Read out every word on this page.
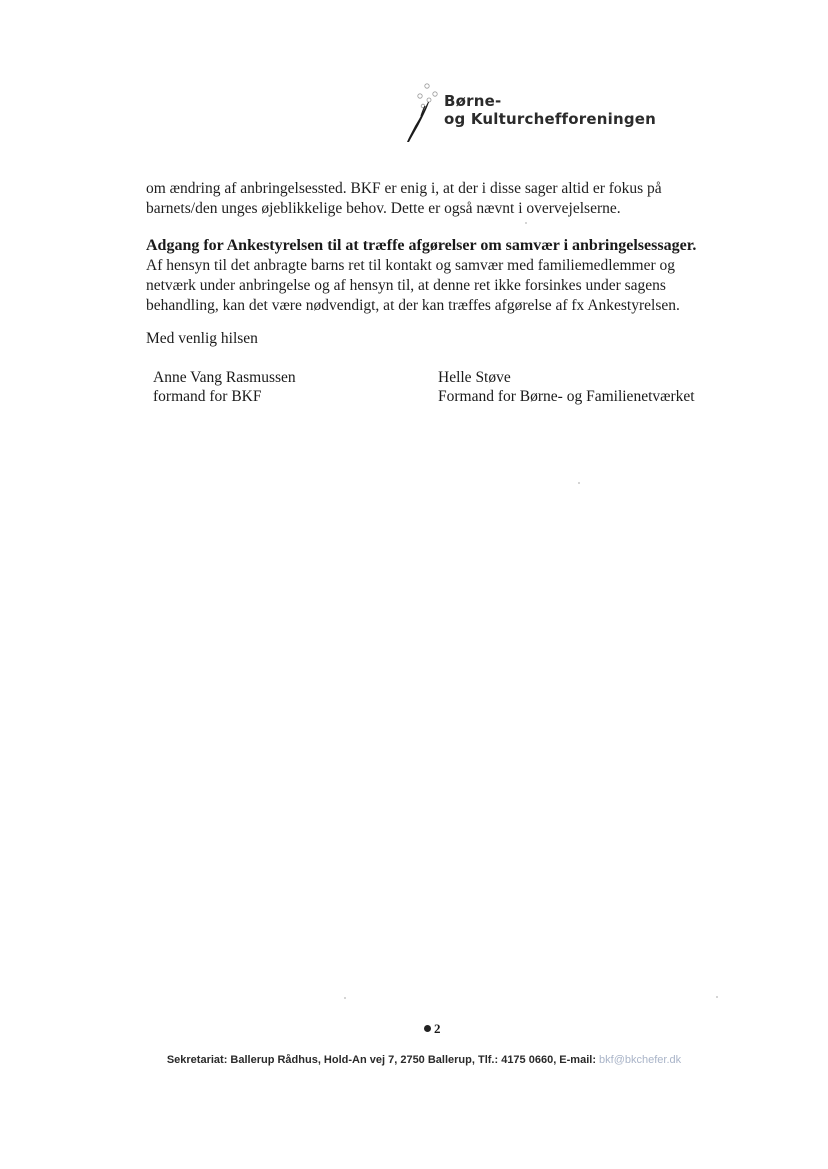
Børne-
og Kulturchefforeningen
om ændring af anbringelsessted. BKF er enig i, at der i disse sager altid er fokus på barnets/den unges øjeblikkelige behov. Dette er også nævnt i overvejelserne.
Adgang for Ankestyrelsen til at træffe afgørelser om samvær i anbringelsessager.
Af hensyn til det anbragte barns ret til kontakt og samvær med familiemedlemmer og netværk under anbringelse og af hensyn til, at denne ret ikke forsinkes under sagens behandling, kan det være nødvendigt, at der kan træffes afgørelse af fx Ankestyrelsen.
Med venlig hilsen
Anne Vang Rasmussen
formand for BKF
Helle Støve
Formand for Børne- og Familienetværket
2
Sekretariat: Ballerup Rådhus, Hold-An vej 7, 2750 Ballerup, Tlf.: 4175 0660, E-mail: bkf@bkchefer.dk
